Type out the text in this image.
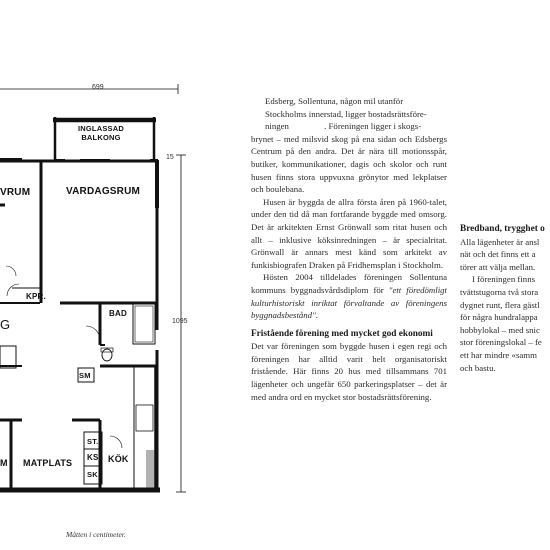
699
15
1095
INGLASSAD
BALKONG
VARDAGSRUM
VRUM
KPR.
G
BAD
SM
ST.
KS
SK.
KÖK
MATPLATS
M
Måtten i centimeter.

Edsberg, Sollentuna, någon mil utanför
Stockholms innerstad, ligger bostadsrättsföre-
ningen                . Föreningen ligger i skogs-
brynet – med milsvid skog på ena sidan och Edsbergs Centrum på den andra. Det är nära till motionsspår, butiker, kommunikationer, dagis och skolor och runt husen finns stora uppvuxna grönytor med lekplatser och boulebana.

Husen är byggda de allra första åren på 1960-talet, under den tid då man fortfarande byggde med omsorg. Det är arkitekten Ernst Grönwall som ritat husen och allt – inklusive köksinredningen – är specialritat. Grönwall är annars mest känd som arkitekt av funkisbiografen Draken på Fridhemsplan i Stockholm.

Hösten 2004 tilldelades föreningen Sollentuna kommuns byggnadsvårdsdiplom för "ett föredömligt kulturhistoriskt inriktat förvaltande av föreningens byggnadsbestånd".

Fristående förening med mycket god ekonomi

Det var föreningen som byggde husen i egen regi och föreningen har alltid varit helt organisatoriskt fristående. Här finns 20 hus med tillsammans 701 lägenheter och ungefär 650 parkeringsplatser – det är med andra ord en mycket stor bostadsrättsförening.

Bredband, trygghet o
Alla lägenheter är ansl
nät och det finns ett a
törer att välja mellan.
I föreningen finns
tvättstugorna två stora
dygnet runt, flera gästl
för några hundralappa
hobbylokal – med snic
stor föreningslokal – fe
ett har mindre «samm
och bastu.
